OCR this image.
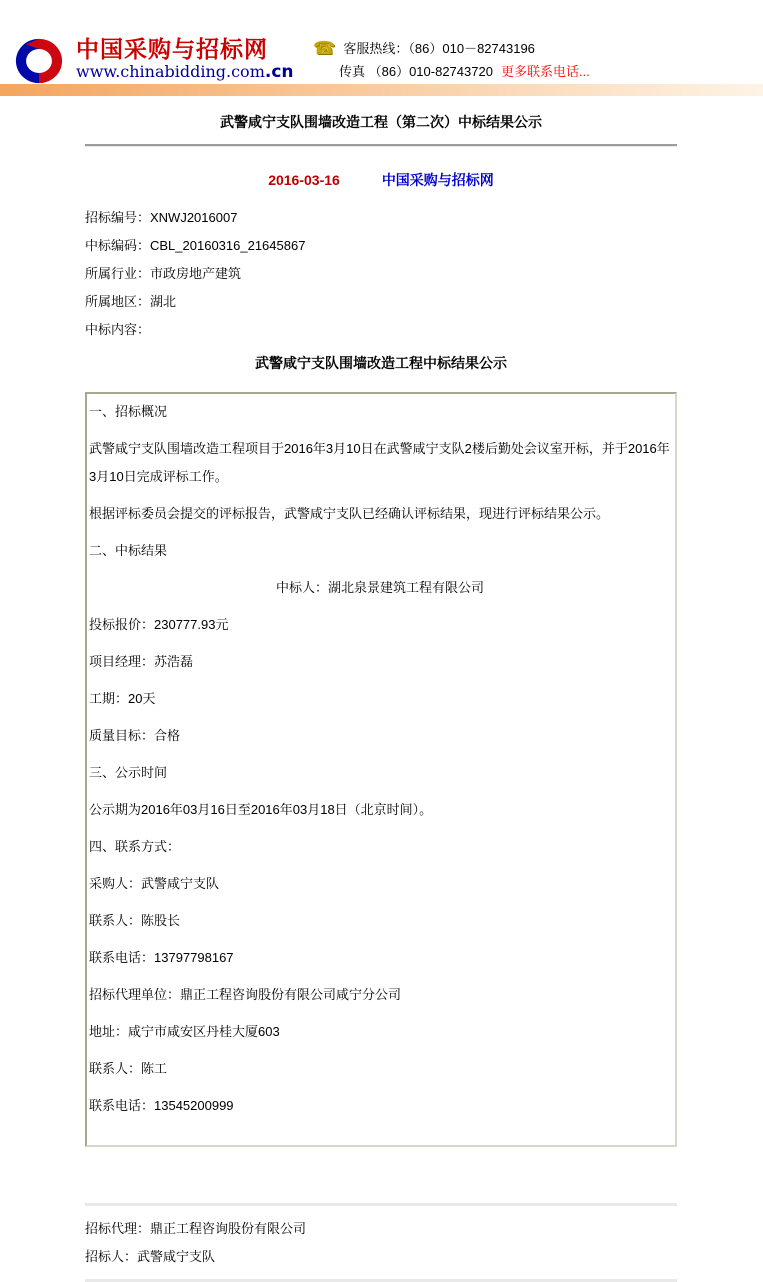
中国采购与招标网
www.chinabidding.com.cn
☎ 客服热线：（86）010－82743196
传真 （86）010-82743720 更多联系电话...
武警咸宁支队围墙改造工程（第二次）中标结果公示
2016-03-16	中国采购与招标网

招标编号：XNWJ2016007

中标编码：CBL_20160316_21645867

所属行业：市政房地产建筑

所属地区：湖北

中标内容：

武警咸宁支队围墙改造工程中标结果公示

一、招标概况

武警咸宁支队围墙改造工程项目于2016年3月10日在武警咸宁支队2楼后勤处会议室开标，并于2016年3月10日完成评标工作。

根据评标委员会提交的评标报告，武警咸宁支队已经确认评标结果，现进行评标结果公示。

二、中标结果

中标人：湖北泉景建筑工程有限公司

投标报价：230777.93元

项目经理：苏浩磊

工期：20天

质量目标：合格

三、公示时间

公示期为2016年03月16日至2016年03月18日（北京时间）。

四、联系方式：

采购人：武警咸宁支队

联系人：陈股长

联系电话：13797798167

招标代理单位：鼎正工程咨询股份有限公司咸宁分公司

地址：咸宁市咸安区丹桂大厦603

联系人：陈工

联系电话：13545200999

招标代理：鼎正工程咨询股份有限公司

招标人：武警咸宁支队
